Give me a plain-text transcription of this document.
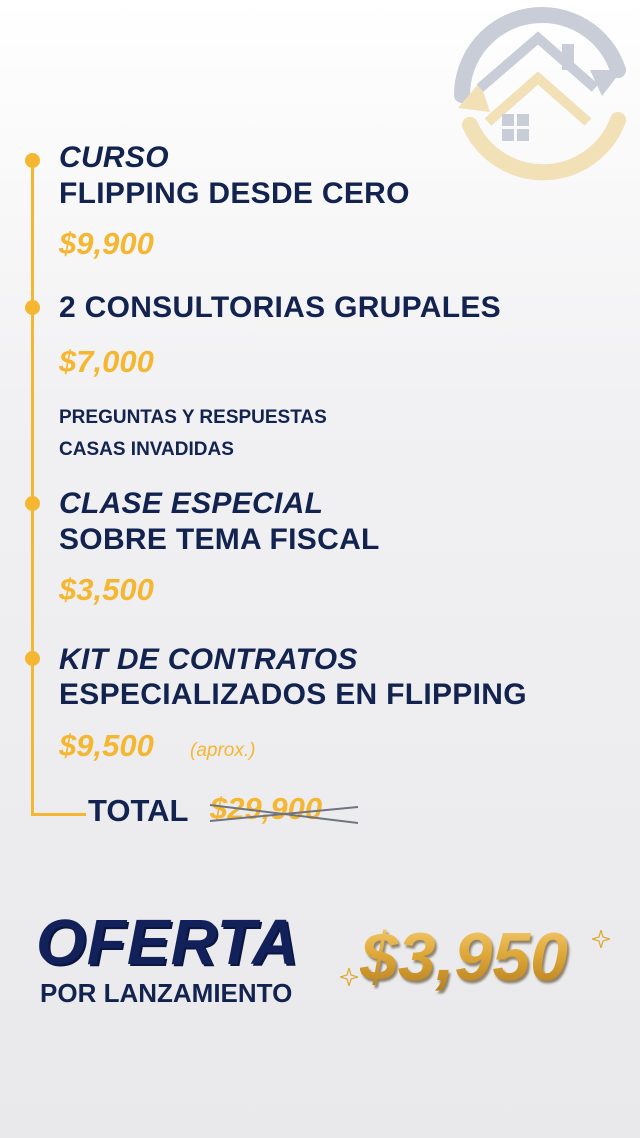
CURSO
FLIPPING DESDE CERO
$9,900
2 CONSULTORIAS GRUPALES
$7,000
PREGUNTAS Y RESPUESTAS
CASAS INVADIDAS
CLASE ESPECIAL
SOBRE TEMA FISCAL
$3,500
KIT DE CONTRATOS
ESPECIALIZADOS EN FLIPPING
$9,500 (aprox.)
TOTAL $29,900
OFERTA
POR LANZAMIENTO $3,950
